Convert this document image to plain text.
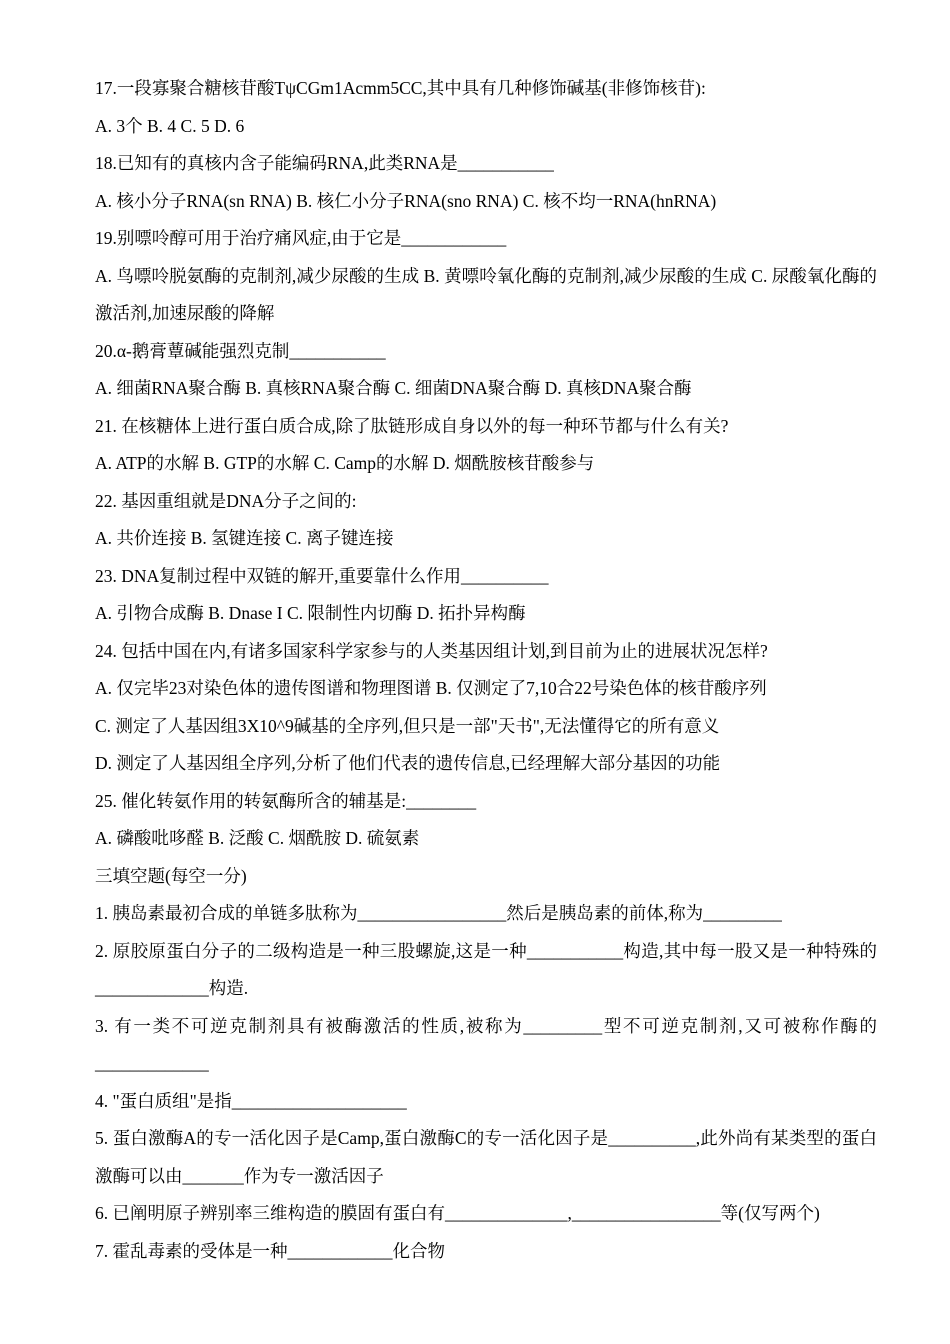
17.一段寡聚合糖核苷酸TψCGm1Acmm5CC,其中具有几种修饰碱基(非修饰核苷):
A. 3个 B. 4 C. 5 D. 6
18.已知有的真核内含子能编码RNA,此类RNA是___________
A. 核小分子RNA(sn RNA) B. 核仁小分子RNA(sno RNA) C. 核不均一RNA(hnRNA)
19.别嘌呤醇可用于治疗痛风症,由于它是____________
A. 鸟嘌呤脱氨酶的克制剂,减少尿酸的生成 B. 黄嘌呤氧化酶的克制剂,减少尿酸的生成 C. 尿酸氧化酶的激活剂,加速尿酸的降解
20.α-鹅膏蕈碱能强烈克制___________
A. 细菌RNA聚合酶 B. 真核RNA聚合酶 C. 细菌DNA聚合酶 D. 真核DNA聚合酶
21. 在核糖体上进行蛋白质合成,除了肽链形成自身以外的每一种环节都与什么有关?
A. ATP的水解 B. GTP的水解 C. Camp的水解 D. 烟酰胺核苷酸参与
22. 基因重组就是DNA分子之间的:
A. 共价连接 B. 氢键连接 C. 离子键连接
23. DNA复制过程中双链的解开,重要靠什么作用__________
A. 引物合成酶 B. Dnase I C. 限制性内切酶 D. 拓扑异构酶
24. 包括中国在内,有诸多国家科学家参与的人类基因组计划,到目前为止的进展状况怎样?
A. 仅完毕23对染色体的遗传图谱和物理图谱 B. 仅测定了7,10合22号染色体的核苷酸序列
C. 测定了人基因组3X10^9碱基的全序列,但只是一部"天书",无法懂得它的所有意义
D. 测定了人基因组全序列,分析了他们代表的遗传信息,已经理解大部分基因的功能
25. 催化转氨作用的转氨酶所含的辅基是:________
A. 磷酸吡哆醛 B. 泛酸 C. 烟酰胺 D. 硫氨素
三填空题(每空一分)
1. 胰岛素最初合成的单链多肽称为_________________然后是胰岛素的前体,称为_________
2. 原胶原蛋白分子的二级构造是一种三股螺旋,这是一种___________构造,其中每一股又是一种特殊的_____________构造.
3. 有一类不可逆克制剂具有被酶激活的性质,被称为_________型不可逆克制剂,又可被称作酶的_____________
4. "蛋白质组"是指____________________
5. 蛋白激酶A的专一活化因子是Camp,蛋白激酶C的专一活化因子是__________,此外尚有某类型的蛋白激酶可以由_______作为专一激活因子
6. 已阐明原子辨别率三维构造的膜固有蛋白有______________,_________________等(仅写两个)
7. 霍乱毒素的受体是一种____________化合物
